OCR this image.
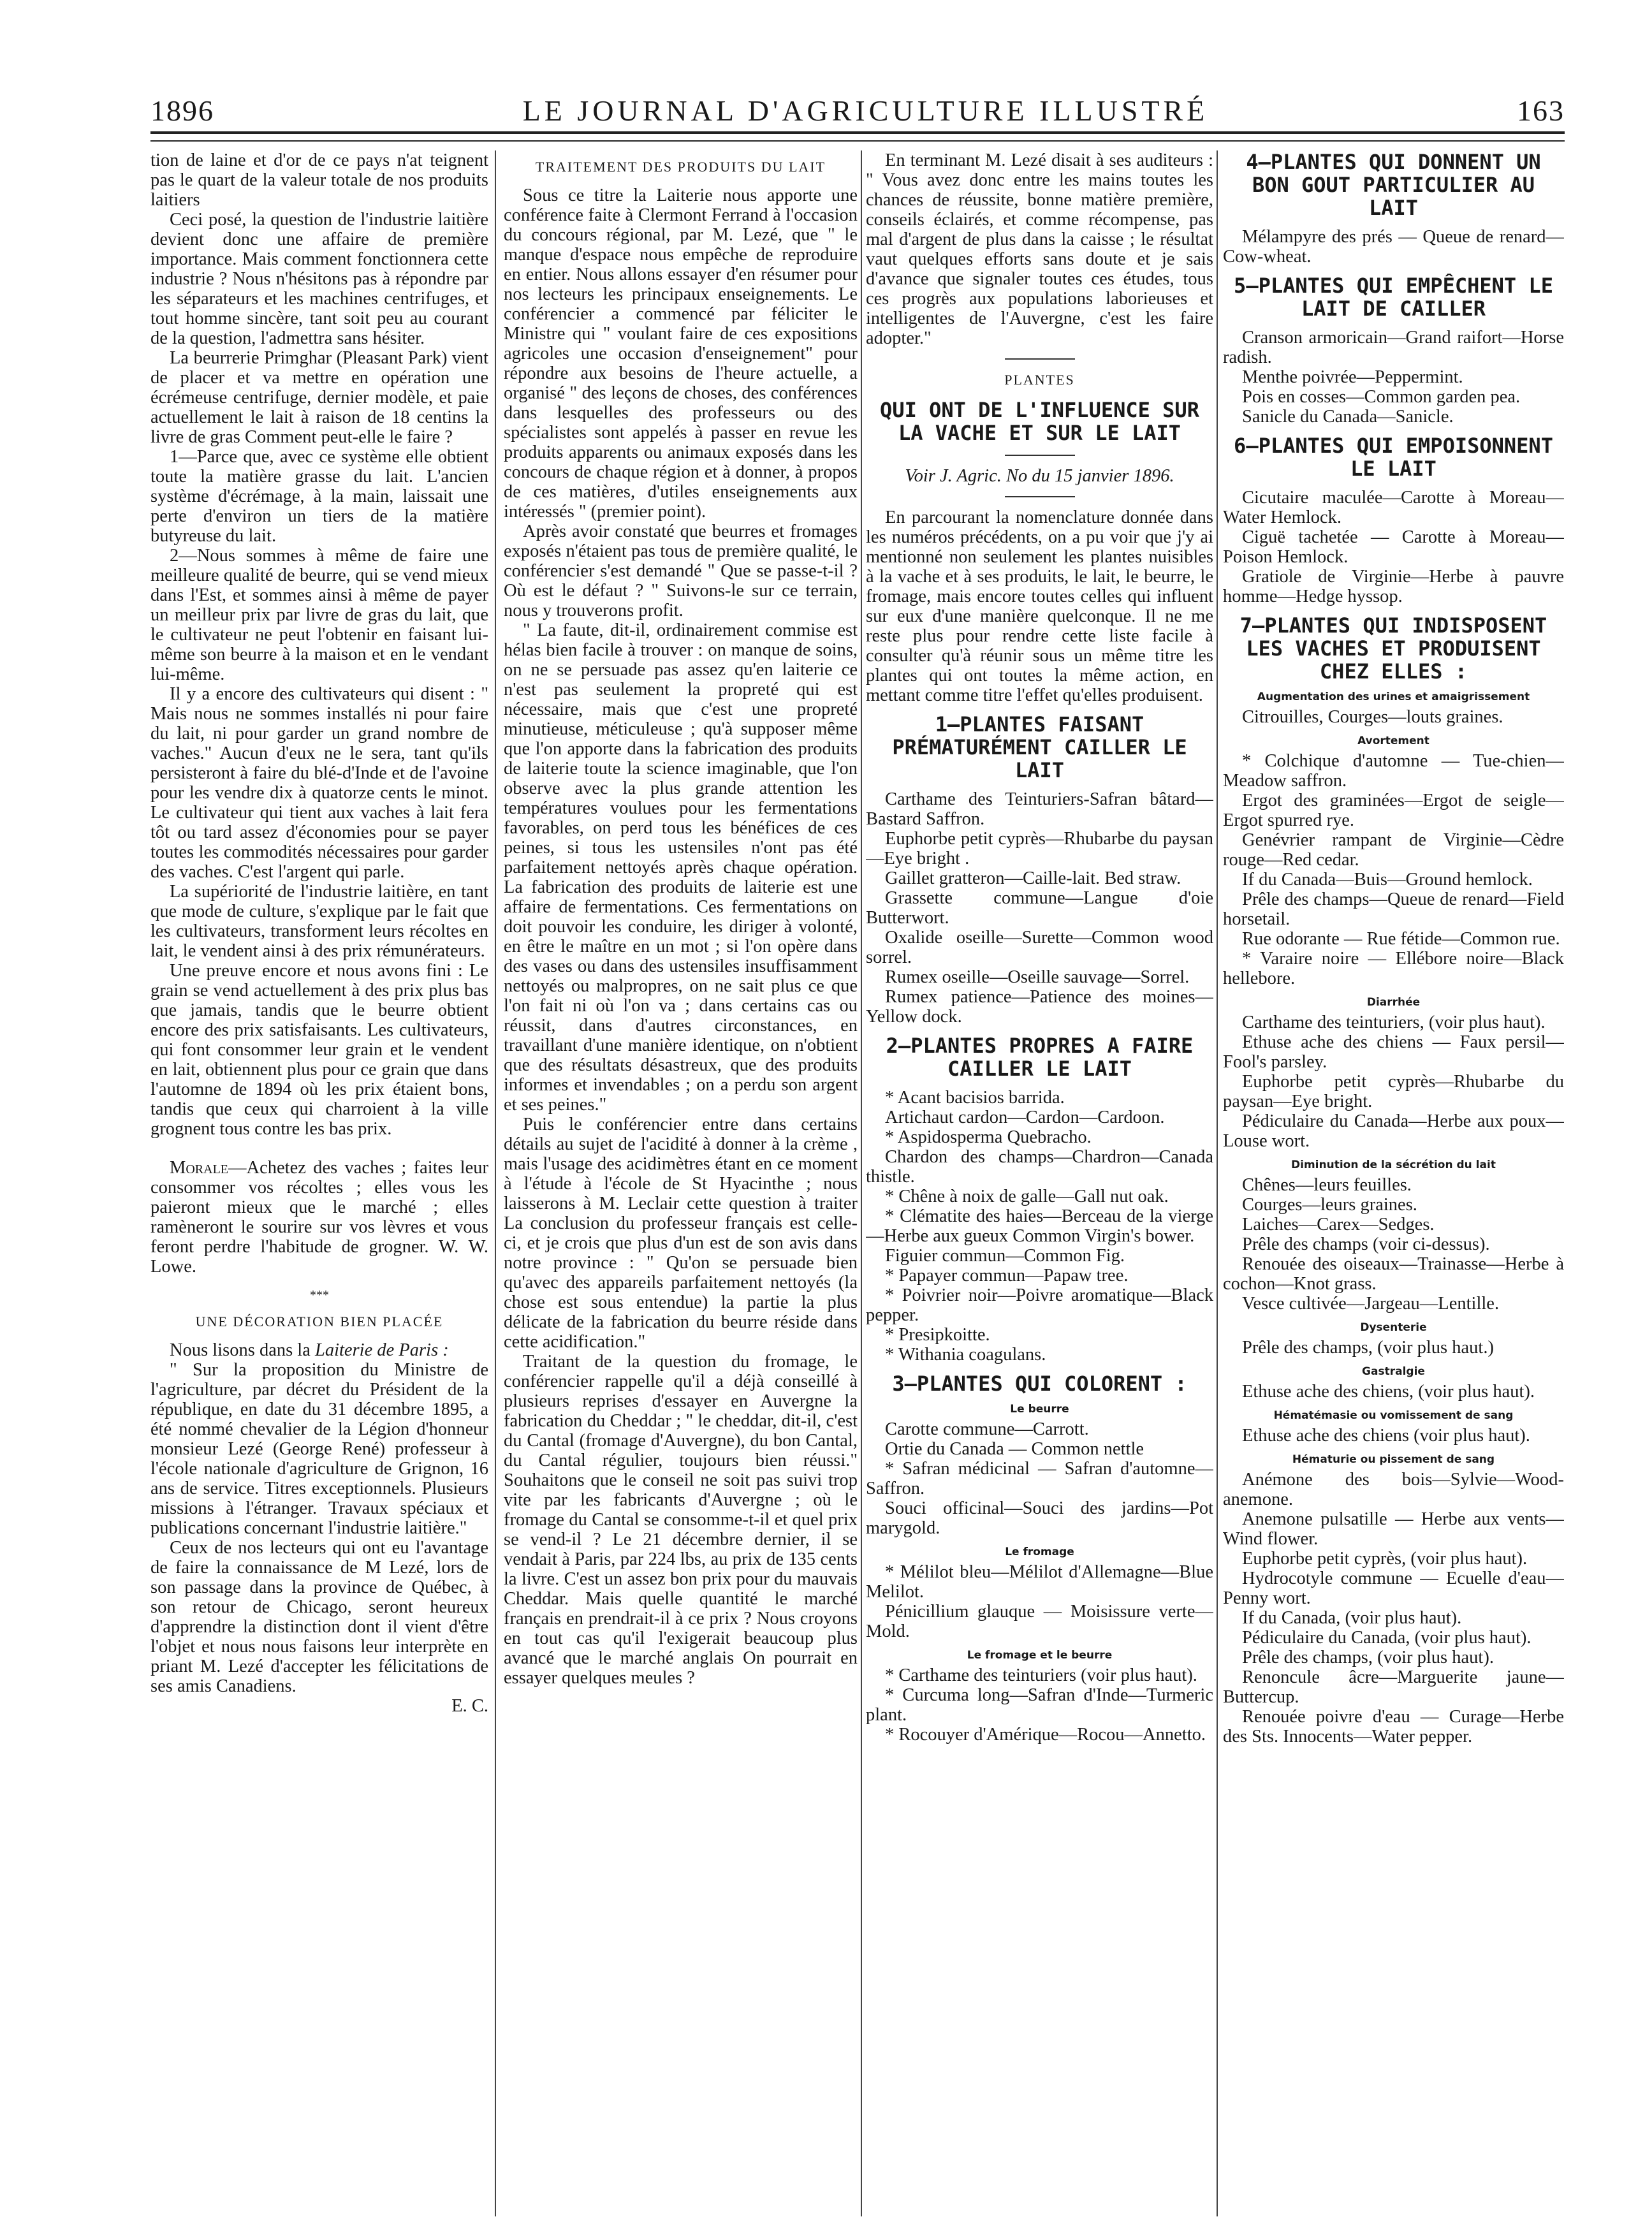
1896	LE JOURNAL D'AGRICULTURE ILLUSTRÉ	163

tion de laine et d'or de ce pays n'at teignent pas le quart de la valeur totale de nos produits laitiers

Ceci posé, la question de l'industrie laitière devient donc une affaire de première importance. Mais comment fonctionnera cette industrie ? Nous n'hésitons pas à répondre par les séparateurs et les machines centrifuges, et tout homme sincère, tant soit peu au courant de la question, l'admettra sans hésiter.

La beurrerie Primghar (Pleasant Park) vient de placer et va mettre en opération une écrémeuse centrifuge, dernier modèle, et paie actuellement le lait à raison de 18 centins la livre de gras Comment peut-elle le faire ?

1—Parce que, avec ce système elle obtient toute la matière grasse du lait. L'ancien système d'écrémage, à la main, laissait une perte d'environ un tiers de la matière butyreuse du lait.

2—Nous sommes à même de faire une meilleure qualité de beurre, qui se vend mieux dans l'Est, et sommes ainsi à même de payer un meilleur prix par livre de gras du lait, que le cultivateur ne peut l'obtenir en faisant lui-même son beurre à la maison et en le vendant lui-même.

Il y a encore des cultivateurs qui disent : " Mais nous ne sommes installés ni pour faire du lait, ni pour garder un grand nombre de vaches." Aucun d'eux ne le sera, tant qu'ils persisteront à faire du blé-d'Inde et de l'avoine pour les vendre dix à quatorze cents le minot. Le cultivateur qui tient aux vaches à lait fera tôt ou tard assez d'économies pour se payer toutes les commodités nécessaires pour garder des vaches. C'est l'argent qui parle.

La supériorité de l'industrie laitière, en tant que mode de culture, s'explique par le fait que les cultivateurs, transforment leurs récoltes en lait, le vendent ainsi à des prix rémunérateurs.

Une preuve encore et nous avons fini : Le grain se vend actuellement à des prix plus bas que jamais, tandis que le beurre obtient encore des prix satisfaisants. Les cultivateurs, qui font consommer leur grain et le vendent en lait, obtiennent plus pour ce grain que dans l'automne de 1894 où les prix étaient bons, tandis que ceux qui charroient à la ville grognent tous contre les bas prix.

Morale—Achetez des vaches ; faites leur consommer vos récoltes ; elles vous les paieront mieux que le marché ; elles ramèneront le sourire sur vos lèvres et vous feront perdre l'habitude de grogner. W. W. Lowe.

***
UNE DÉCORATION BIEN PLACÉE

Nous lisons dans la Laiterie de Paris :

" Sur la proposition du Ministre de l'agriculture, par décret du Président de la république, en date du 31 décembre 1895, a été nommé chevalier de la Légion d'honneur monsieur Lezé (George René) professeur à l'école nationale d'agriculture de Grignon, 16 ans de service. Titres exceptionnels. Plusieurs missions à l'étranger. Travaux spéciaux et publications concernant l'industrie laitière."

Ceux de nos lecteurs qui ont eu l'avantage de faire la connaissance de M Lezé, lors de son passage dans la province de Québec, à son retour de Chicago, seront heureux d'apprendre la distinction dont il vient d'être l'objet et nous nous faisons leur interprète en priant M. Lezé d'accepter les félicitations de ses amis Canadiens.

E. C.

TRAITEMENT DES PRODUITS DU LAIT

Sous ce titre la Laiterie nous apporte une conférence faite à Clermont Ferrand à l'occasion du concours régional, par M. Lezé, que " le manque d'espace nous empêche de reproduire en entier. Nous allons essayer d'en résumer pour nos lecteurs les principaux enseignements. Le conférencier a commencé par féliciter le Ministre qui " voulant faire de ces expositions agricoles une occasion d'enseignement" pour répondre aux besoins de l'heure actuelle, a organisé " des leçons de choses, des conférences dans lesquelles des professeurs ou des spécialistes sont appelés à passer en revue les produits apparents ou animaux exposés dans les concours de chaque région et à donner, à propos de ces matières, d'utiles enseignements aux intéressés " (premier point).

Après avoir constaté que beurres et fromages exposés n'étaient pas tous de première qualité, le conférencier s'est demandé " Que se passe-t-il ? Où est le défaut ? " Suivons-le sur ce terrain, nous y trouverons profit.

" La faute, dit-il, ordinairement commise est hélas bien facile à trouver : on manque de soins, on ne se persuade pas assez qu'en laiterie ce n'est pas seulement la propreté qui est nécessaire, mais que c'est une propreté minutieuse, méticuleuse ; qu'à supposer même que l'on apporte dans la fabrication des produits de laiterie toute la science imaginable, que l'on observe avec la plus grande attention les températures voulues pour les fermentations favorables, on perd tous les bénéfices de ces peines, si tous les ustensiles n'ont pas été parfaitement nettoyés après chaque opération. La fabrication des produits de laiterie est une affaire de fermentations. Ces fermentations on doit pouvoir les conduire, les diriger à volonté, en être le maître en un mot ; si l'on opère dans des vases ou dans des ustensiles insuffisamment nettoyés ou malpropres, on ne sait plus ce que l'on fait ni où l'on va ; dans certains cas ou réussit, dans d'autres circonstances, en travaillant d'une manière identique, on n'obtient que des résultats désastreux, que des produits informes et invendables ; on a perdu son argent et ses peines."

Puis le conférencier entre dans certains détails au sujet de l'acidité à donner à la crème , mais l'usage des acidimètres étant en ce moment à l'étude à l'école de St Hyacinthe ; nous laisserons à M. Leclair cette question à traiter La conclusion du professeur français est celle-ci, et je crois que plus d'un est de son avis dans notre province : " Qu'on se persuade bien qu'avec des appareils parfaitement nettoyés (la chose est sous entendue) la partie la plus délicate de la fabrication du beurre réside dans cette acidification."

Traitant de la question du fromage, le conférencier rappelle qu'il a déjà conseillé à plusieurs reprises d'essayer en Auvergne la fabrication du Cheddar ; " le cheddar, dit-il, c'est du Cantal (fromage d'Auvergne), du bon Cantal, du Cantal régulier, toujours bien réussi." Souhaitons que le conseil ne soit pas suivi trop vite par les fabricants d'Auvergne ; où le fromage du Cantal se consomme-t-il et quel prix se vend-il ? Le 21 décembre dernier, il se vendait à Paris, par 224 lbs, au prix de 135 cents la livre. C'est un assez bon prix pour du mauvais Cheddar. Mais quelle quantité le marché français en prendrait-il à ce prix ? Nous croyons en tout cas qu'il l'exigerait beaucoup plus avancé que le marché anglais On pourrait en essayer quelques meules ?

En terminant M. Lezé disait à ses auditeurs : " Vous avez donc entre les mains toutes les chances de réussite, bonne matière première, conseils éclairés, et comme récompense, pas mal d'argent de plus dans la caisse ; le résultat vaut quelques efforts sans doute et je sais d'avance que signaler toutes ces études, tous ces progrès aux populations laborieuses et intelligentes de l'Auvergne, c'est les faire adopter."

PLANTES
QUI ONT DE L'INFLUENCE SUR LA VACHE ET SUR LE LAIT

Voir J. Agric. No du 15 janvier 1896.

En parcourant la nomenclature donnée dans les numéros précédents, on a pu voir que j'y ai mentionné non seulement les plantes nuisibles à la vache et à ses produits, le lait, le beurre, le fromage, mais encore toutes celles qui influent sur eux d'une manière quelconque. Il ne me reste plus pour rendre cette liste facile à consulter qu'à réunir sous un même titre les plantes qui ont toutes la même action, en mettant comme titre l'effet qu'elles produisent.

1—PLANTES FAISANT PRÉMATURÉMENT CAILLER LE LAIT

Carthame des Teinturiers-Safran bâtard—Bastard Saffron.

Euphorbe petit cyprès—Rhubarbe du paysan—Eye bright .

Gaillet gratteron—Caille-lait. Bed straw.

Grassette commune—Langue d'oie Butterwort.

Oxalide oseille—Surette—Common wood sorrel.

Rumex oseille—Oseille sauvage—Sorrel.

Rumex patience—Patience des moines—Yellow dock.

2—PLANTES PROPRES A FAIRE CAILLER LE LAIT

* Acant bacisios barrida.

Artichaut cardon—Cardon—Cardoon.

* Aspidosperma Quebracho.

Chardon des champs—Chardron—Canada thistle.

* Chêne à noix de galle—Gall nut oak.

* Clématite des haies—Berceau de la vierge—Herbe aux gueux Common Virgin's bower.

Figuier commun—Common Fig.

* Papayer commun—Papaw tree.

* Poivrier noir—Poivre aromatique—Black pepper.

* Presipkoitte.

* Withania coagulans.

3—PLANTES QUI COLORENT :
Le beurre

Carotte commune—Carrott.

Ortie du Canada — Common nettle

* Safran médicinal — Safran d'automne—Saffron.

Souci officinal—Souci des jardins—Pot marygold.

Le fromage

* Mélilot bleu—Mélilot d'Allemagne—Blue Melilot.

Pénicillium glauque — Moisissure verte—Mold.

Le fromage et le beurre

* Carthame des teinturiers (voir plus haut).

* Curcuma long—Safran d'Inde—Turmeric plant.

* Rocouyer d'Amérique—Rocou—Annetto.

4—PLANTES QUI DONNENT UN BON GOUT PARTICULIER AU LAIT

Mélampyre des prés — Queue de renard—Cow-wheat.

5—PLANTES QUI EMPÊCHENT LE LAIT DE CAILLER

Cranson armoricain—Grand raifort—Horse radish.

Menthe poivrée—Peppermint.

Pois en cosses—Common garden pea.

Sanicle du Canada—Sanicle.

6—PLANTES QUI EMPOISONNENT LE LAIT

Cicutaire maculée—Carotte à Moreau—Water Hemlock.

Ciguë tachetée — Carotte à Moreau—Poison Hemlock.

Gratiole de Virginie—Herbe à pauvre homme—Hedge hyssop.

7—PLANTES QUI INDISPOSENT LES VACHES ET PRODUISENT CHEZ ELLES :
Augmentation des urines et amaigrissement

Citrouilles, Courges—louts graines.

Avortement

* Colchique d'automne — Tue-chien—Meadow saffron.

Ergot des graminées—Ergot de seigle—Ergot spurred rye.

Genévrier rampant de Virginie—Cèdre rouge—Red cedar.

If du Canada—Buis—Ground hemlock.

Prêle des champs—Queue de renard—Field horsetail.

Rue odorante — Rue fétide—Common rue.

* Varaire noire — Ellébore noire—Black hellebore.

Diarrhée

Carthame des teinturiers, (voir plus haut).

Ethuse ache des chiens — Faux persil—Fool's parsley.

Euphorbe petit cyprès—Rhubarbe du paysan—Eye bright.

Pédiculaire du Canada—Herbe aux poux—Louse wort.

Diminution de la sécrétion du lait

Chênes—leurs feuilles.

Courges—leurs graines.

Laiches—Carex—Sedges.

Prêle des champs (voir ci-dessus).

Renouée des oiseaux—Trainasse—Herbe à cochon—Knot grass.

Vesce cultivée—Jargeau—Lentille.

Dysenterie

Prêle des champs, (voir plus haut.)

Gastralgie

Ethuse ache des chiens, (voir plus haut).

Hématémasie ou vomissement de sang

Ethuse ache des chiens (voir plus haut).

Hématurie ou pissement de sang

Anémone des bois—Sylvie—Wood-anemone.

Anemone pulsatille — Herbe aux vents—Wind flower.

Euphorbe petit cyprès, (voir plus haut).

Hydrocotyle commune — Ecuelle d'eau—Penny wort.

If du Canada, (voir plus haut).

Pédiculaire du Canada, (voir plus haut).

Prêle des champs, (voir plus haut).

Renoncule âcre—Marguerite jaune—Buttercup.

Renouée poivre d'eau — Curage—Herbe des Sts. Innocents—Water pepper.
